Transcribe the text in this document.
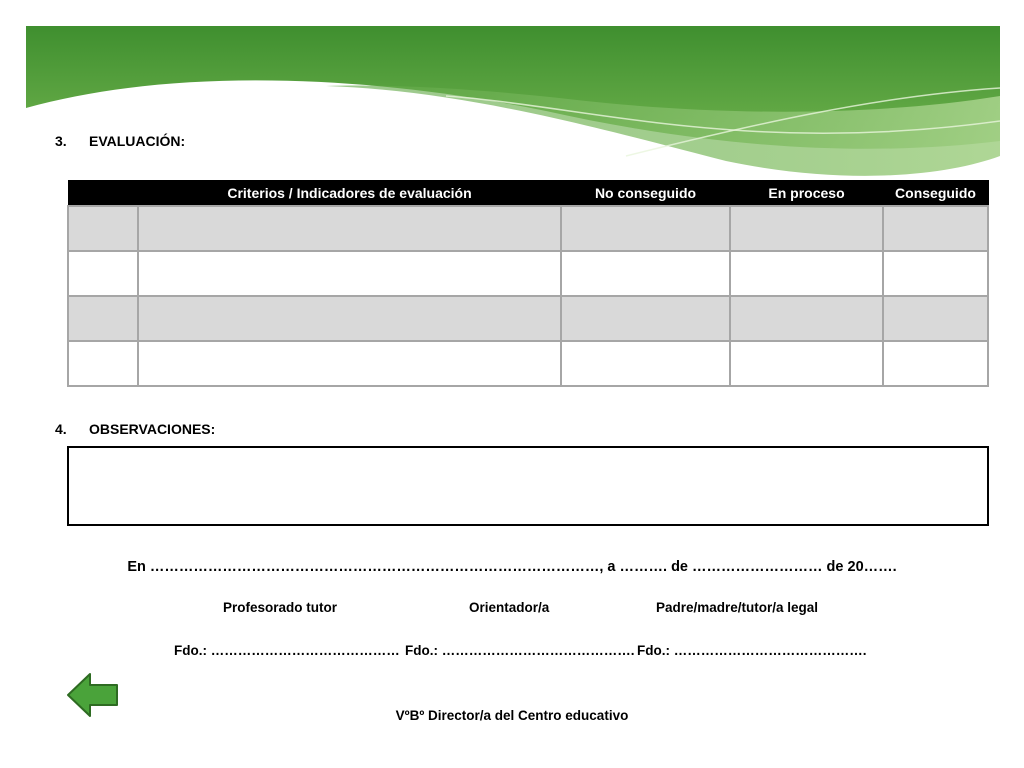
3. EVALUACIÓN:
	Criterios / Indicadores de evaluación	No conseguido	En proceso	Conseguido

4. OBSERVACIONES:
En …………………………………………………………………………………, a ………. de ……………………… de 20…….
Profesorado tutor	Orientador/a	Padre/madre/tutor/a legal
Fdo.: …………………………………… Fdo.: ……………………………………. Fdo.: …………………………………….
VºBº Director/a del Centro educativo
